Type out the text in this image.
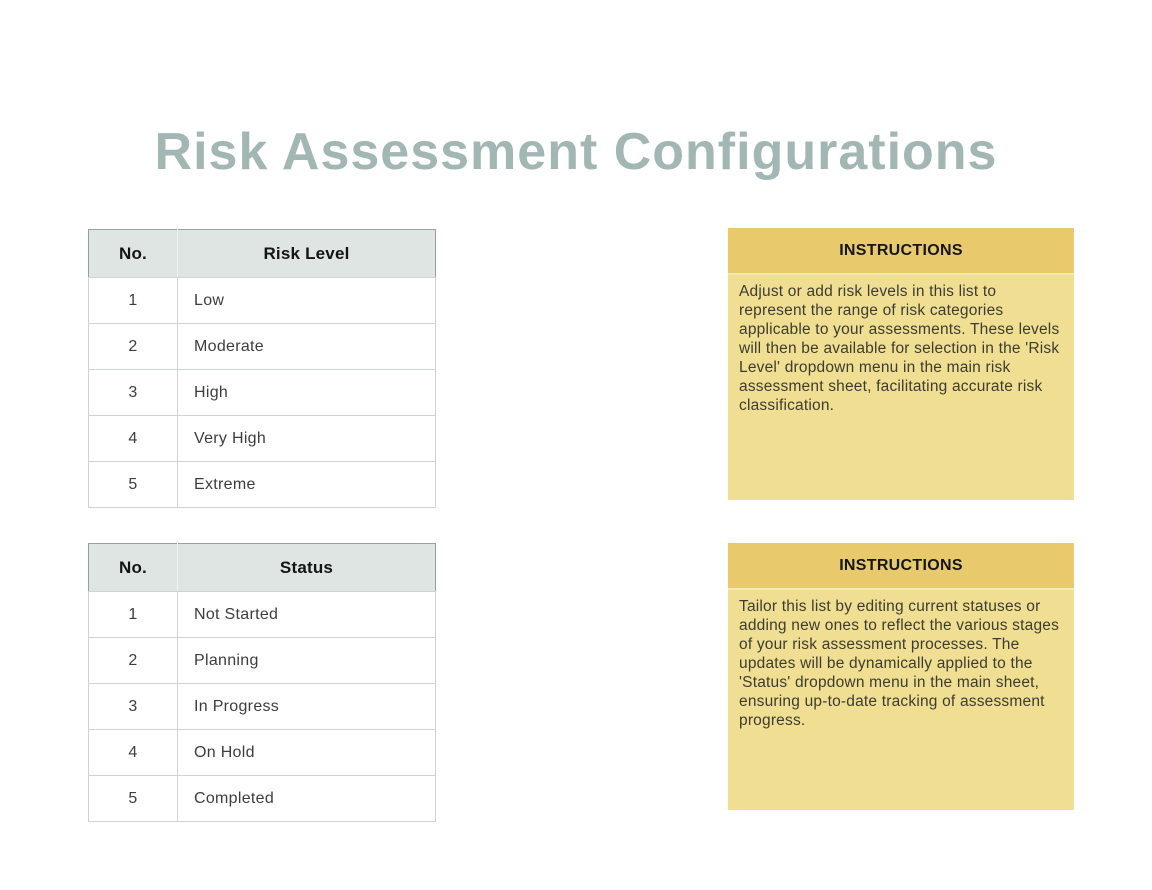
Risk Assessment Configurations
No.	Risk Level
1	Low
2	Moderate
3	High
4	Very High
5	Extreme
No.	Status
1	Not Started
2	Planning
3	In Progress
4	On Hold
5	Completed
INSTRUCTIONS
Adjust or add risk levels in this list to represent the range of risk categories applicable to your assessments. These levels will then be available for selection in the 'Risk Level' dropdown menu in the main risk assessment sheet, facilitating accurate risk classification.
INSTRUCTIONS
Tailor this list by editing current statuses or adding new ones to reflect the various stages of your risk assessment processes. The updates will be dynamically applied to the 'Status' dropdown menu in the main sheet, ensuring up-to-date tracking of assessment progress.
